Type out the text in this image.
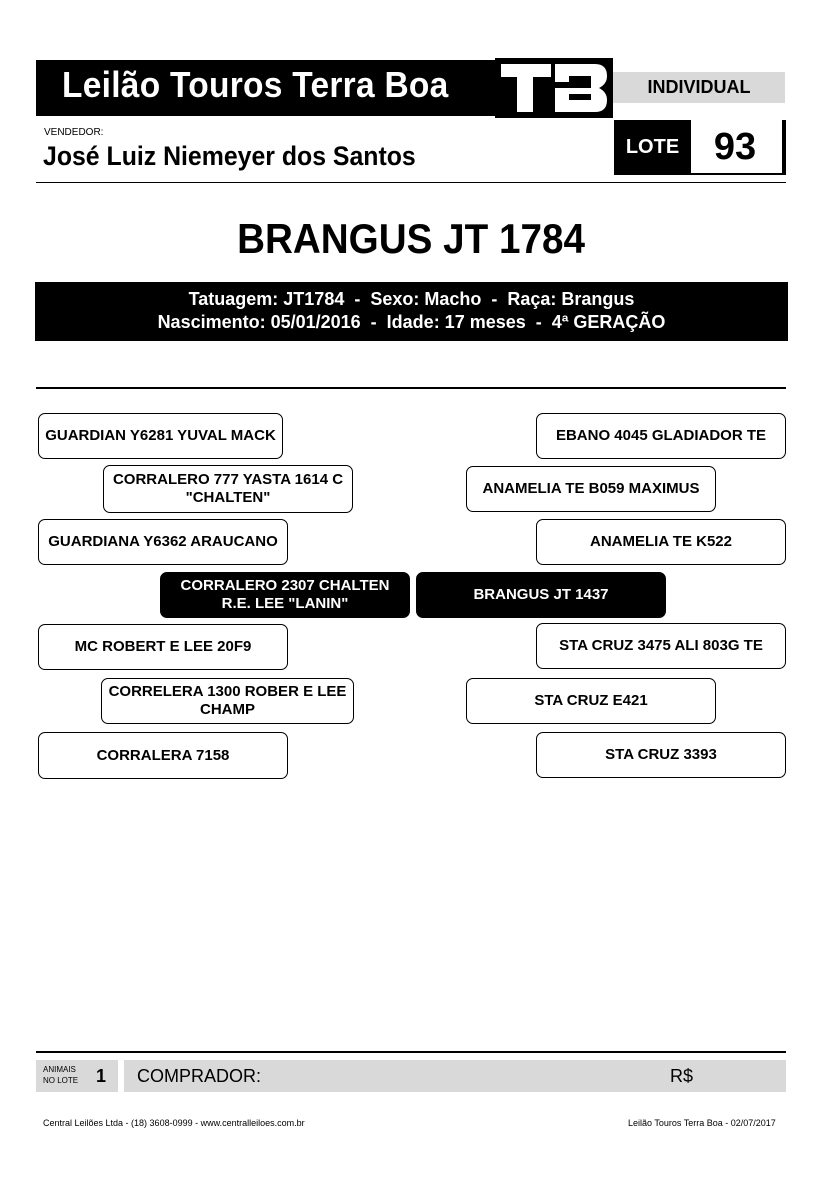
Leilão Touros Terra Boa	INDIVIDUAL
VENDEDOR:
José Luiz Niemeyer dos Santos	LOTE 93
BRANGUS JT 1784
Tatuagem: JT1784  -  Sexo: Macho  -  Raça: Brangus
Nascimento: 05/01/2016  -  Idade: 17 meses  -  4ª GERAÇÃO
GUARDIAN Y6281 YUVAL MACK
CORRALERO 777 YASTA 1614 C "CHALTEN"
GUARDIANA Y6362 ARAUCANO
CORRALERO 2307 CHALTEN R.E. LEE "LANIN"
MC ROBERT E LEE 20F9
CORRELERA 1300 ROBER E LEE CHAMP
CORRALERA 7158
EBANO 4045 GLADIADOR TE
ANAMELIA TE B059 MAXIMUS
ANAMELIA TE K522
BRANGUS JT 1437
STA CRUZ 3475 ALI 803G TE
STA CRUZ E421
STA CRUZ 3393
ANIMAIS
NO LOTE 1 COMPRADOR:	R$
Central Leilões Ltda - (18) 3608-0999 - www.centralleiloes.com.br	Leilão Touros Terra Boa - 02/07/2017
